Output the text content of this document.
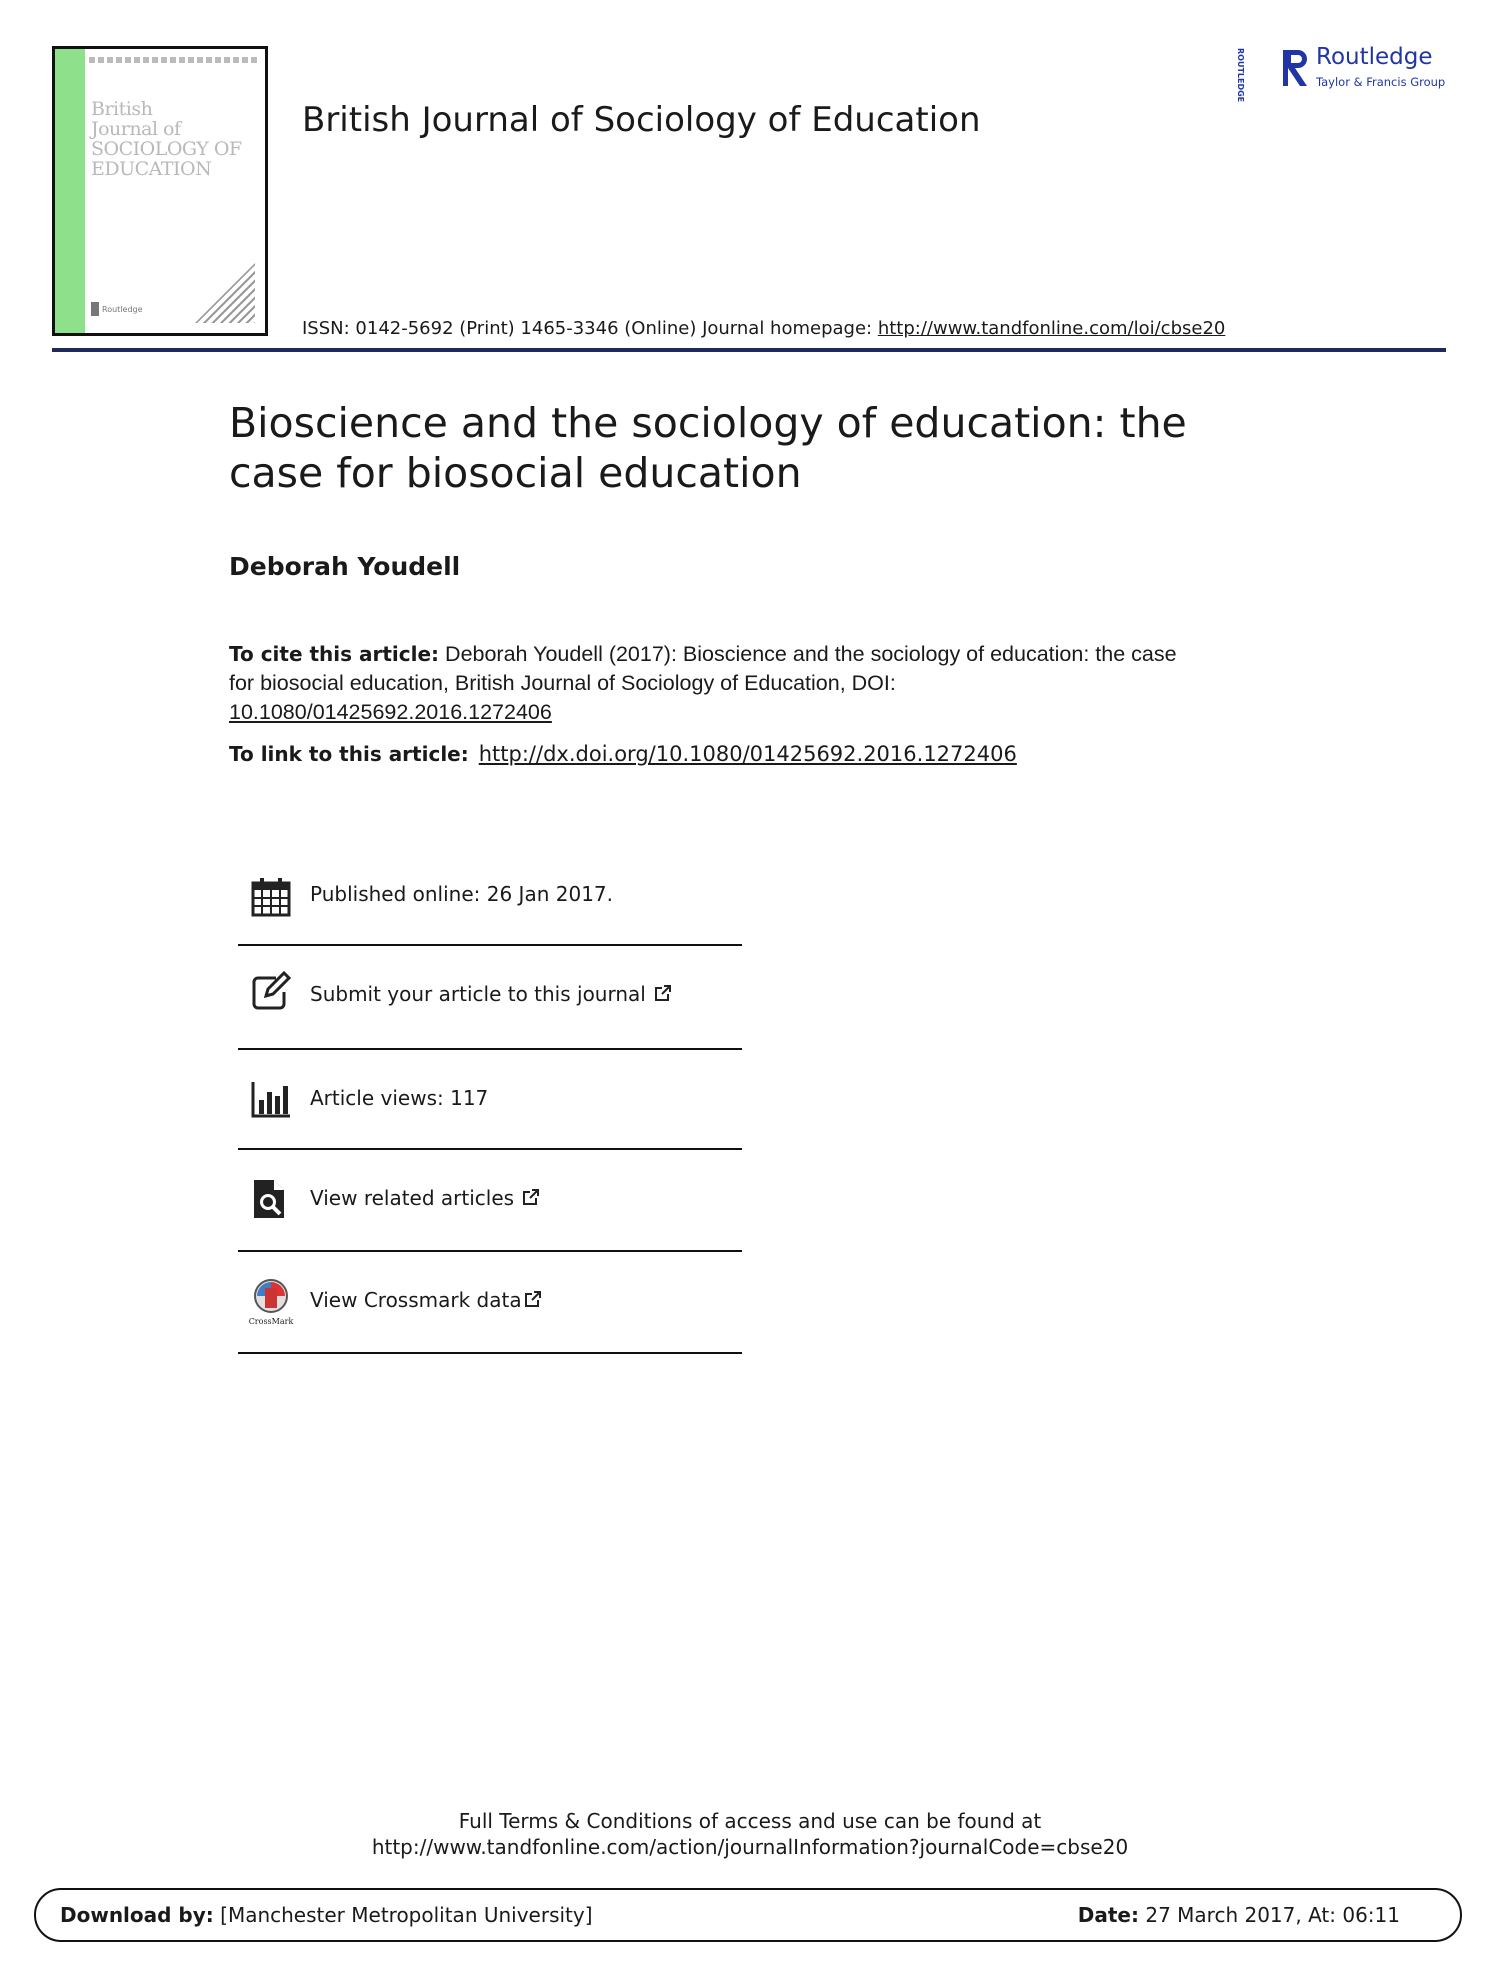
British
Journal of
SOCIOLOGY OF
EDUCATION
Routledge
British Journal of Sociology of Education
ISSN: 0142-5692 (Print) 1465-3346 (Online) Journal homepage: http://www.tandfonline.com/loi/cbse20
ROUTLEDGE	Routledge
Taylor & Francis Group
Bioscience and the sociology of education: the case for biosocial education
Deborah Youdell
To cite this article: Deborah Youdell (2017): Bioscience and the sociology of education: the case for biosocial education, British Journal of Sociology of Education, DOI: 10.1080/01425692.2016.1272406
To link to this article: http://dx.doi.org/10.1080/01425692.2016.1272406
Published online: 26 Jan 2017.
Submit your article to this journal
Article views: 117
View related articles
CrossMark
View Crossmark data
Full Terms & Conditions of access and use can be found at
http://www.tandfonline.com/action/journalInformation?journalCode=cbse20
Download by: [Manchester Metropolitan University]	Date: 27 March 2017, At: 06:11
